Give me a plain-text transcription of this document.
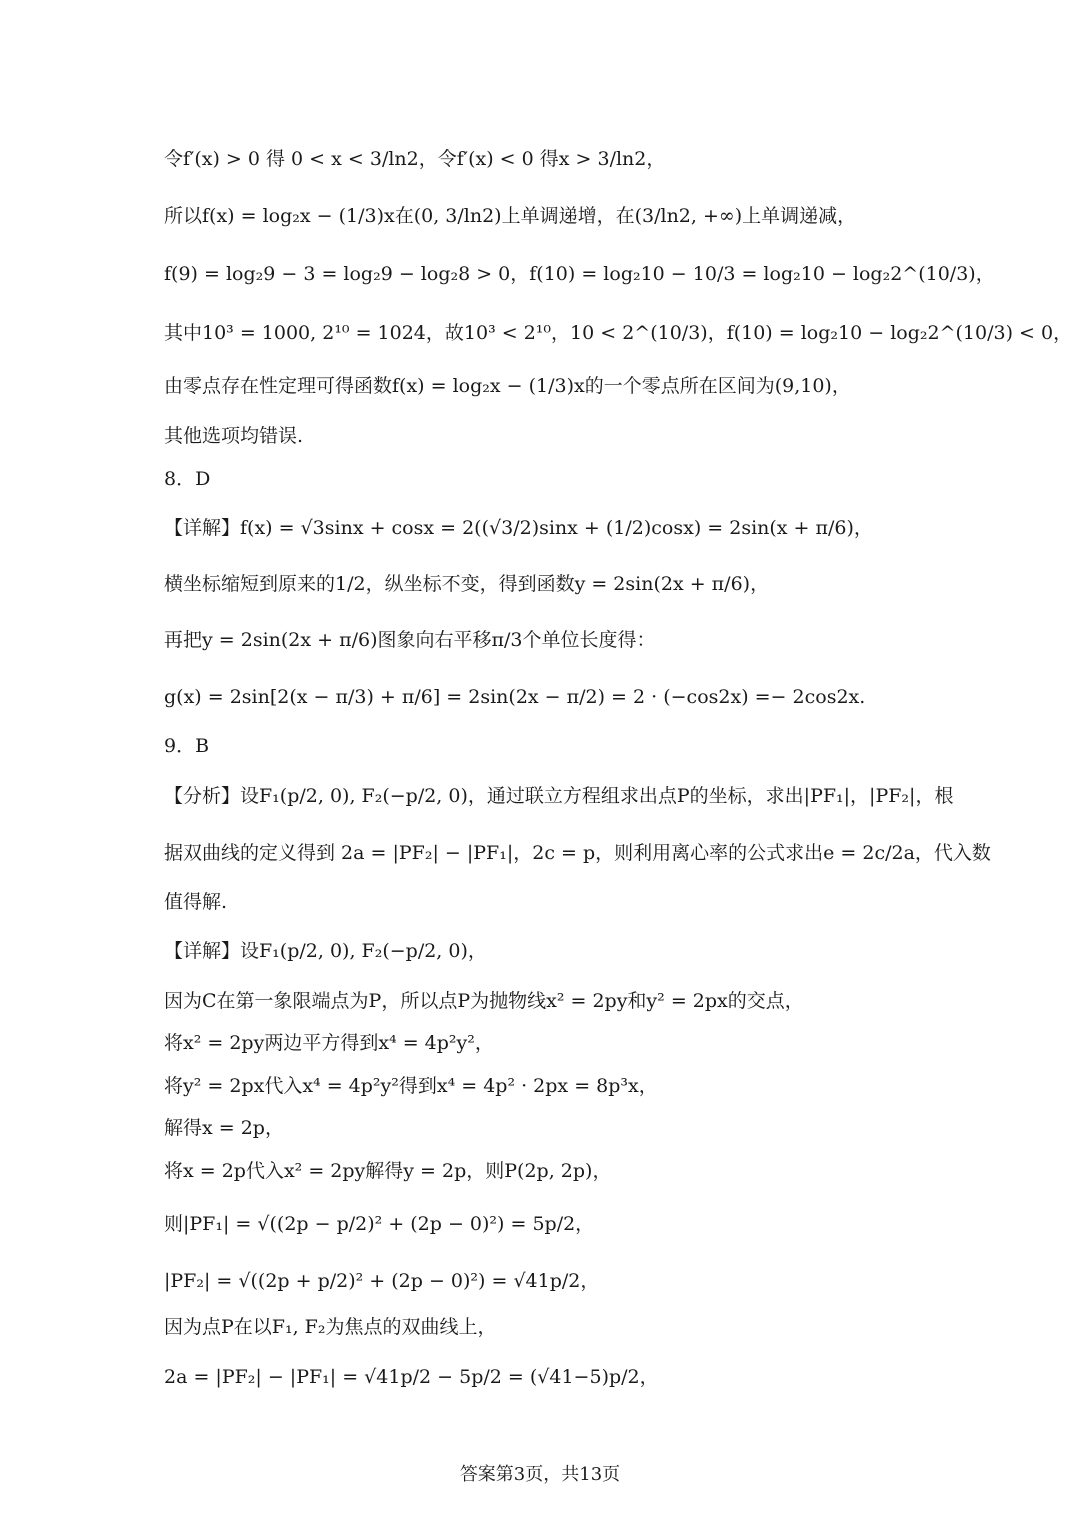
令f′(x) > 0 得 0 < x < 3/ln2，令f′(x) < 0 得x > 3/ln2，
所以f(x) = log₂x − (1/3)x在(0, 3/ln2)上单调递增，在(3/ln2, +∞)上单调递减，
f(9) = log₂9 − 3 = log₂9 − log₂8 > 0，f(10) = log₂10 − 10/3 = log₂10 − log₂2^(10/3)，
其中10³ = 1000, 2¹⁰ = 1024，故10³ < 2¹⁰，10 < 2^(10/3)，f(10) = log₂10 − log₂2^(10/3) < 0，
由零点存在性定理可得函数f(x) = log₂x − (1/3)x的一个零点所在区间为(9,10)，
其他选项均错误.
8．D
【详解】f(x) = √3sinx + cosx = 2((√3/2)sinx + (1/2)cosx) = 2sin(x + π/6)，
横坐标缩短到原来的1/2，纵坐标不变，得到函数y = 2sin(2x + π/6)，
再把y = 2sin(2x + π/6)图象向右平移π/3个单位长度得：
g(x) = 2sin[2(x − π/3) + π/6] = 2sin(2x − π/2) = 2 · (−cos2x) =− 2cos2x.
9．B
【分析】设F₁(p/2, 0), F₂(−p/2, 0)，通过联立方程组求出点P的坐标，求出|PF₁|，|PF₂|，根
据双曲线的定义得到 2a = |PF₂| − |PF₁|，2c = p，则利用离心率的公式求出e = 2c/2a，代入数
值得解.
【详解】设F₁(p/2, 0), F₂(−p/2, 0)，
因为C在第一象限端点为P，所以点P为抛物线x² = 2py和y² = 2px的交点，
将x² = 2py两边平方得到x⁴ = 4p²y²，
将y² = 2px代入x⁴ = 4p²y²得到x⁴ = 4p² · 2px = 8p³x，
解得x = 2p，
将x = 2p代入x² = 2py解得y = 2p，则P(2p, 2p)，
则|PF₁| = √((2p − p/2)² + (2p − 0)²) = 5p/2，
|PF₂| = √((2p + p/2)² + (2p − 0)²) = √41p/2，
因为点P在以F₁, F₂为焦点的双曲线上，
2a = |PF₂| − |PF₁| = √41p/2 − 5p/2 = (√41−5)p/2，
答案第3页，共13页
